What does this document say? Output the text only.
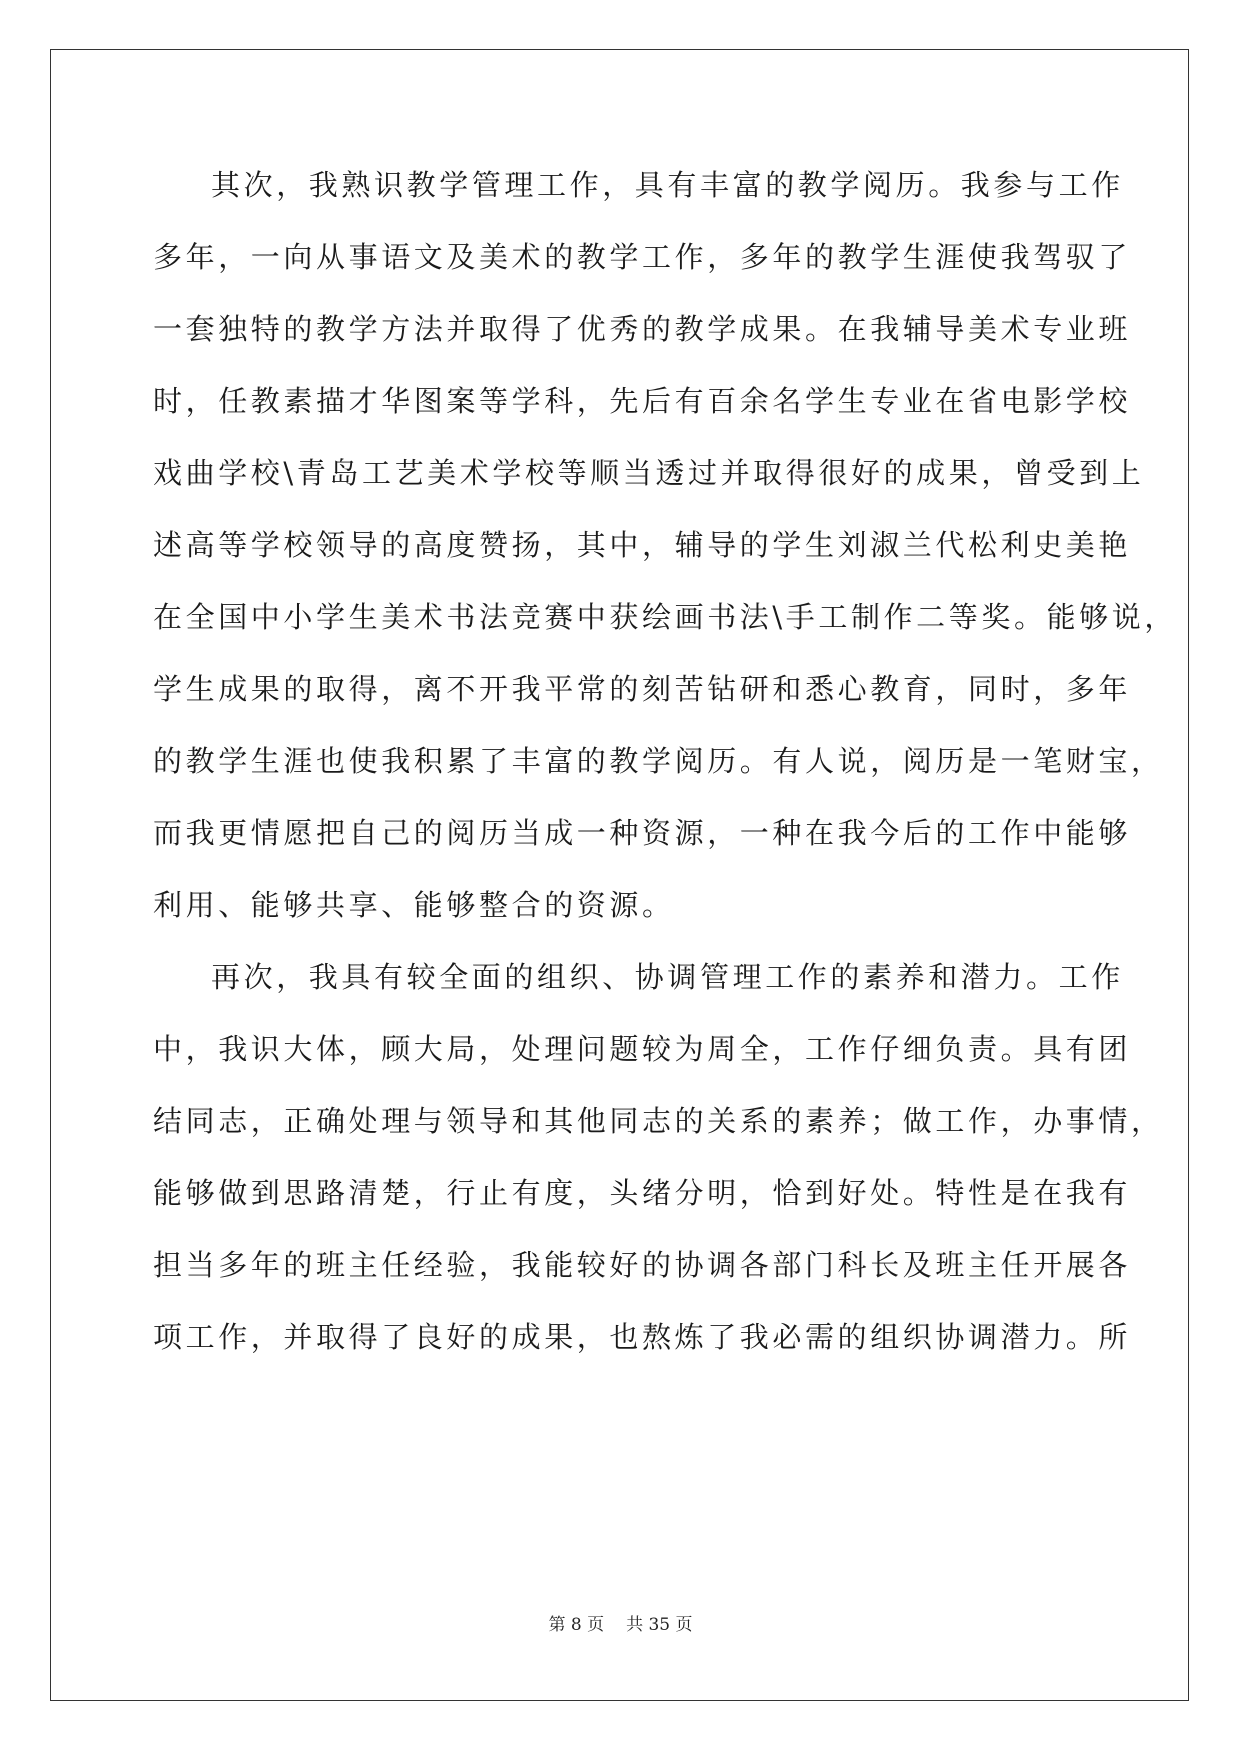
其次，我熟识教学管理工作，具有丰富的教学阅历。我参与工作
多年，一向从事语文及美术的教学工作，多年的教学生涯使我驾驭了
一套独特的教学方法并取得了优秀的教学成果。在我辅导美术专业班
时，任教素描才华图案等学科，先后有百余名学生专业在省电影学校
戏曲学校\青岛工艺美术学校等顺当透过并取得很好的成果，曾受到上
述高等学校领导的高度赞扬，其中，辅导的学生刘淑兰代松利史美艳
在全国中小学生美术书法竞赛中获绘画书法\手工制作二等奖。能够说，
学生成果的取得，离不开我平常的刻苦钻研和悉心教育，同时，多年
的教学生涯也使我积累了丰富的教学阅历。有人说，阅历是一笔财宝，
而我更情愿把自己的阅历当成一种资源，一种在我今后的工作中能够
利用、能够共享、能够整合的资源。
再次，我具有较全面的组织、协调管理工作的素养和潜力。工作
中，我识大体，顾大局，处理问题较为周全，工作仔细负责。具有团
结同志，正确处理与领导和其他同志的关系的素养；做工作，办事情，
能够做到思路清楚，行止有度，头绪分明，恰到好处。特性是在我有
担当多年的班主任经验，我能较好的协调各部门科长及班主任开展各
项工作，并取得了良好的成果，也熬炼了我必需的组织协调潜力。所
第 8 页 共 35 页
